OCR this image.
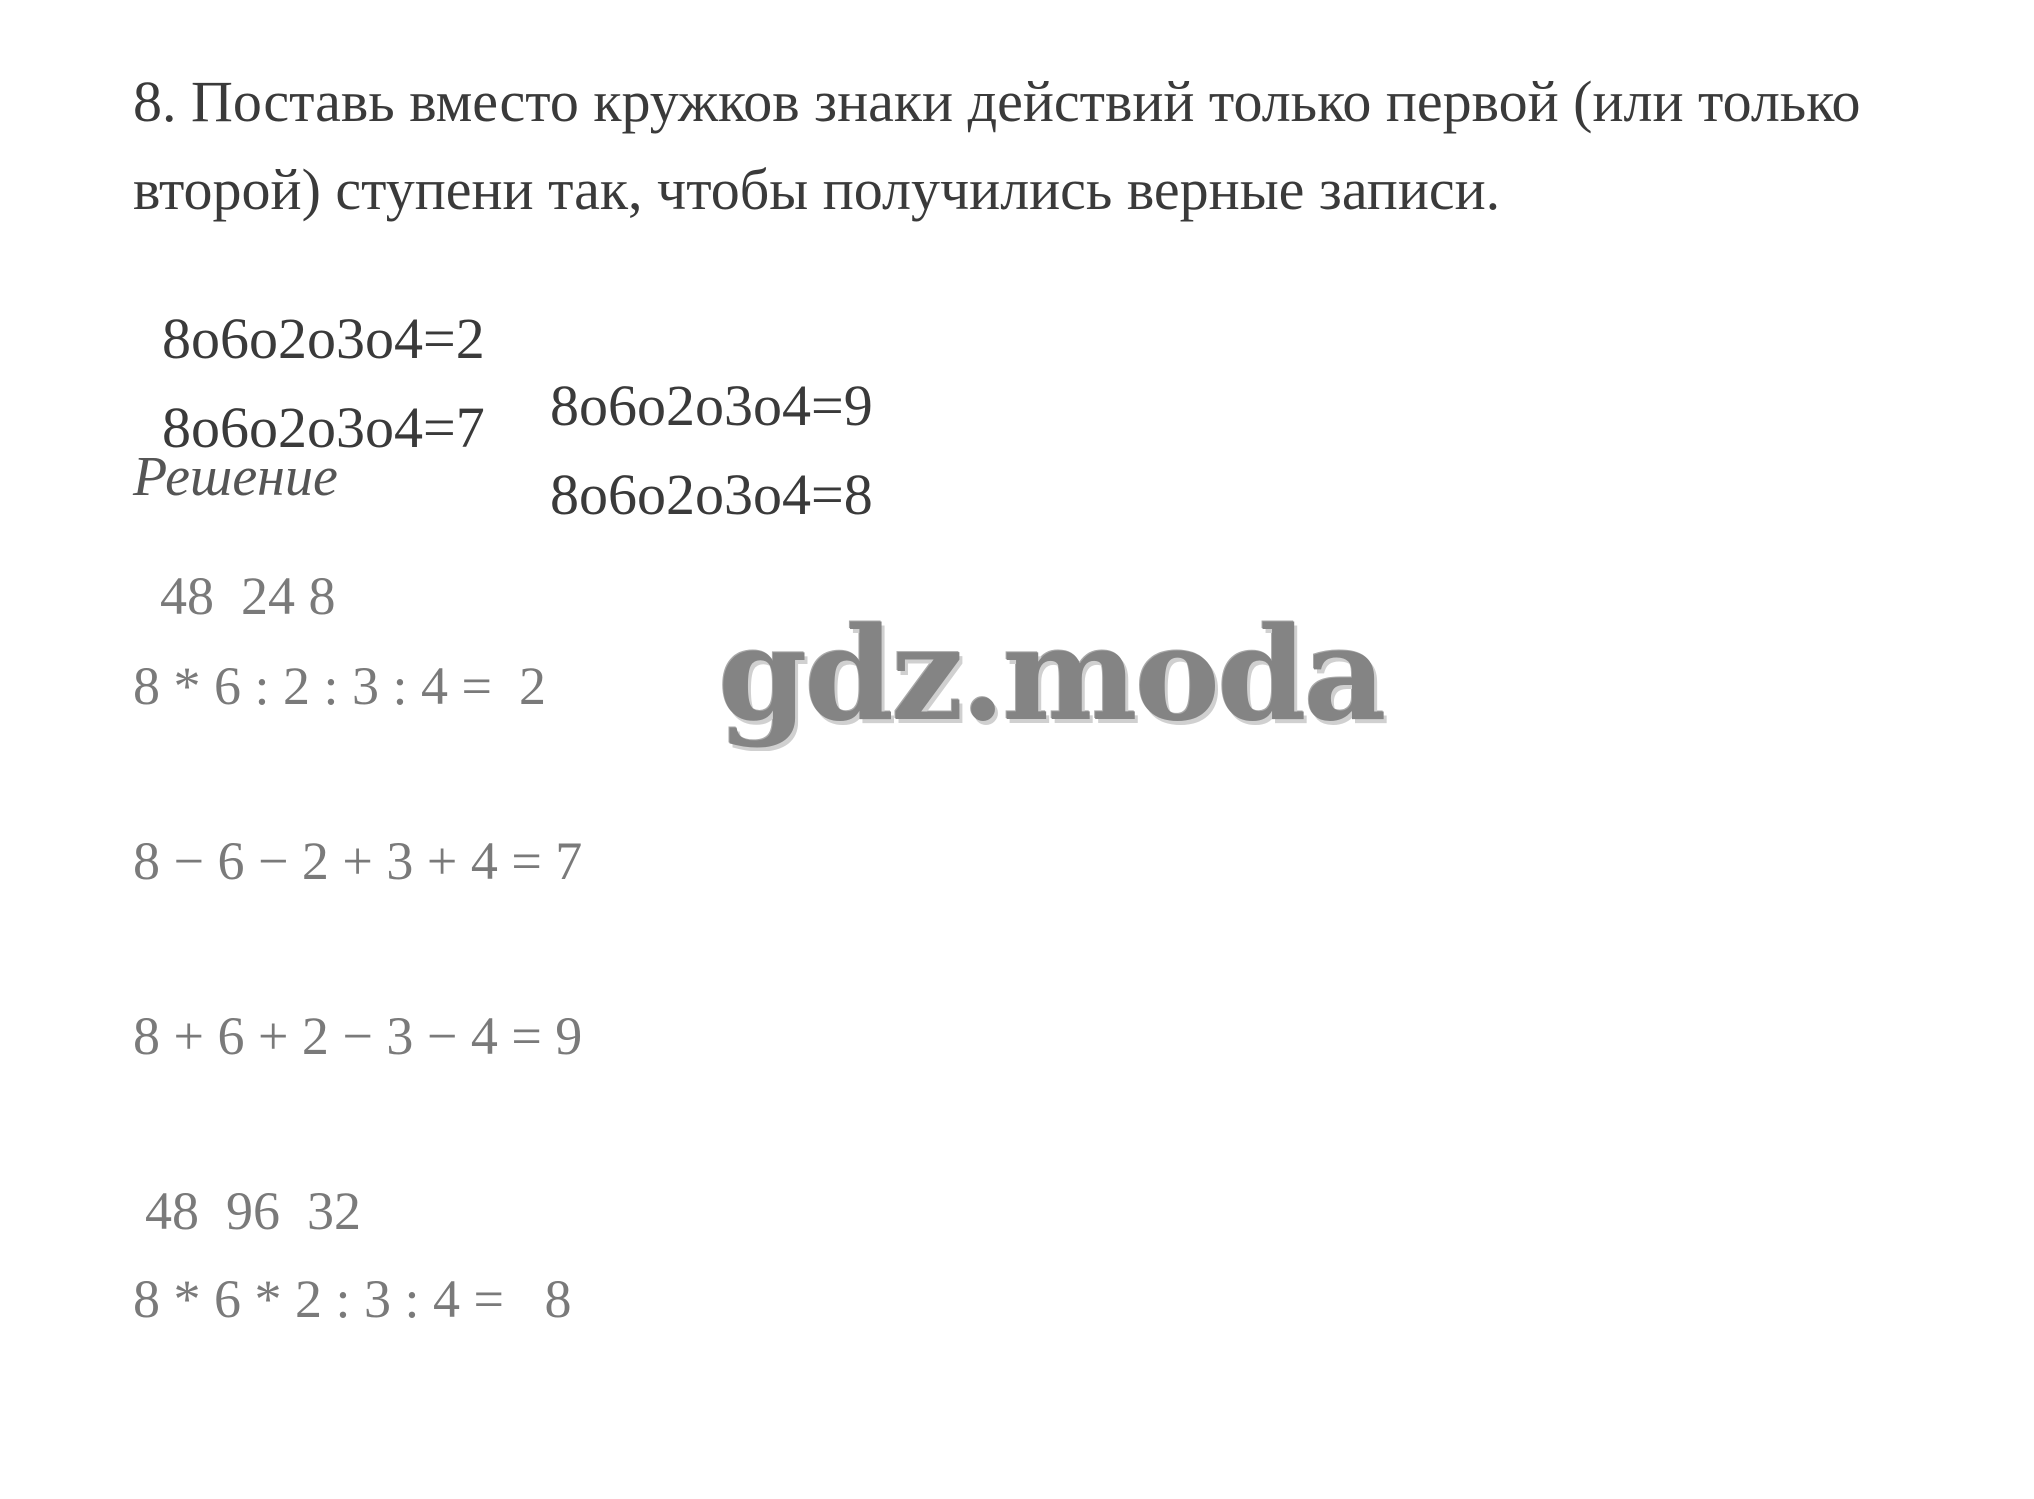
8. Поставь вместо кружков знаки действий только первой (или только второй) ступени так, чтобы получились верные записи.

8о6о2о3о4=2

8о6о2о3о4=9

8о6о2о3о4=7

8о6о2о3о4=8

Решение
48  24 8
8 * 6 : 2 : 3 : 4 =  2
8 − 6 − 2 + 3 + 4 = 7
8 + 6 + 2 − 3 − 4 = 9
48  96  32
8 * 6 * 2 : 3 : 4 =   8
gdz.moda
